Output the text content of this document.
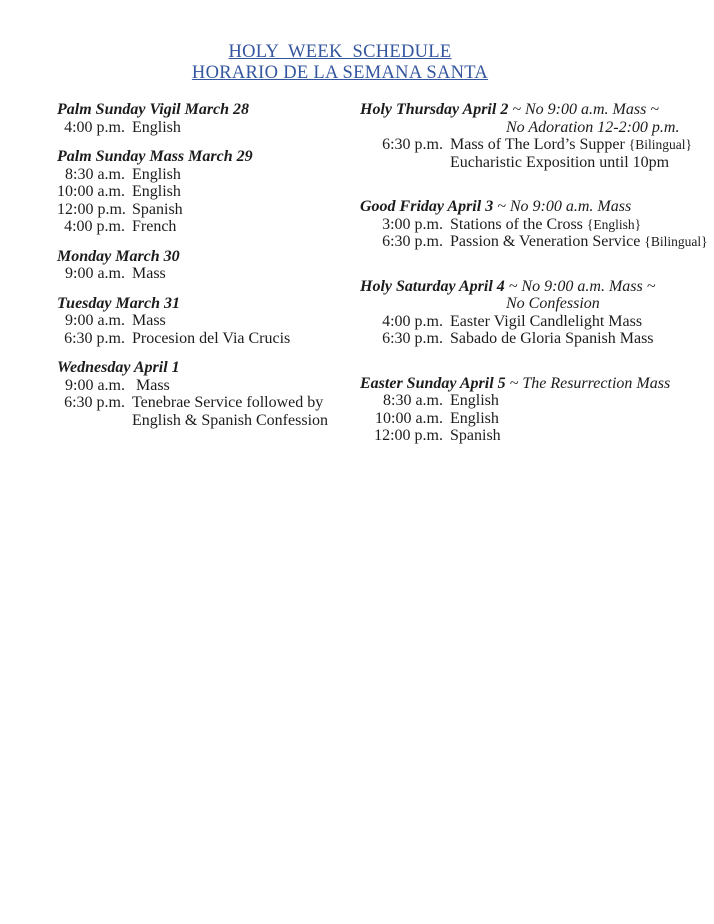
HOLY  WEEK  SCHEDULE
HORARIO DE LA SEMANA SANTA
Palm Sunday Vigil March 28
4:00 p.m. English
Palm Sunday Mass March 29
8:30 a.m. English
10:00 a.m. English
12:00 p.m. Spanish
4:00 p.m. French
Monday March 30
9:00 a.m. Mass
Tuesday March 31
9:00 a.m. Mass
6:30 p.m. Procesion del Via Crucis
Wednesday April 1
9:00 a.m. Mass
6:30 p.m. Tenebrae Service followed by
English & Spanish Confession
Holy Thursday April 2 ~ No 9:00 a.m. Mass ~
No Adoration 12-2:00 p.m.
6:30 p.m. Mass of The Lord’s Supper {Bilingual}
Eucharistic Exposition until 10pm
Good Friday April 3 ~ No 9:00 a.m. Mass
3:00 p.m. Stations of the Cross {English}
6:30 p.m. Passion & Veneration Service {Bilingual}
Holy Saturday April 4 ~ No 9:00 a.m. Mass ~
No Confession
4:00 p.m. Easter Vigil Candlelight Mass
6:30 p.m. Sabado de Gloria Spanish Mass
Easter Sunday April 5 ~ The Resurrection Mass
8:30 a.m. English
10:00 a.m. English
12:00 p.m. Spanish
